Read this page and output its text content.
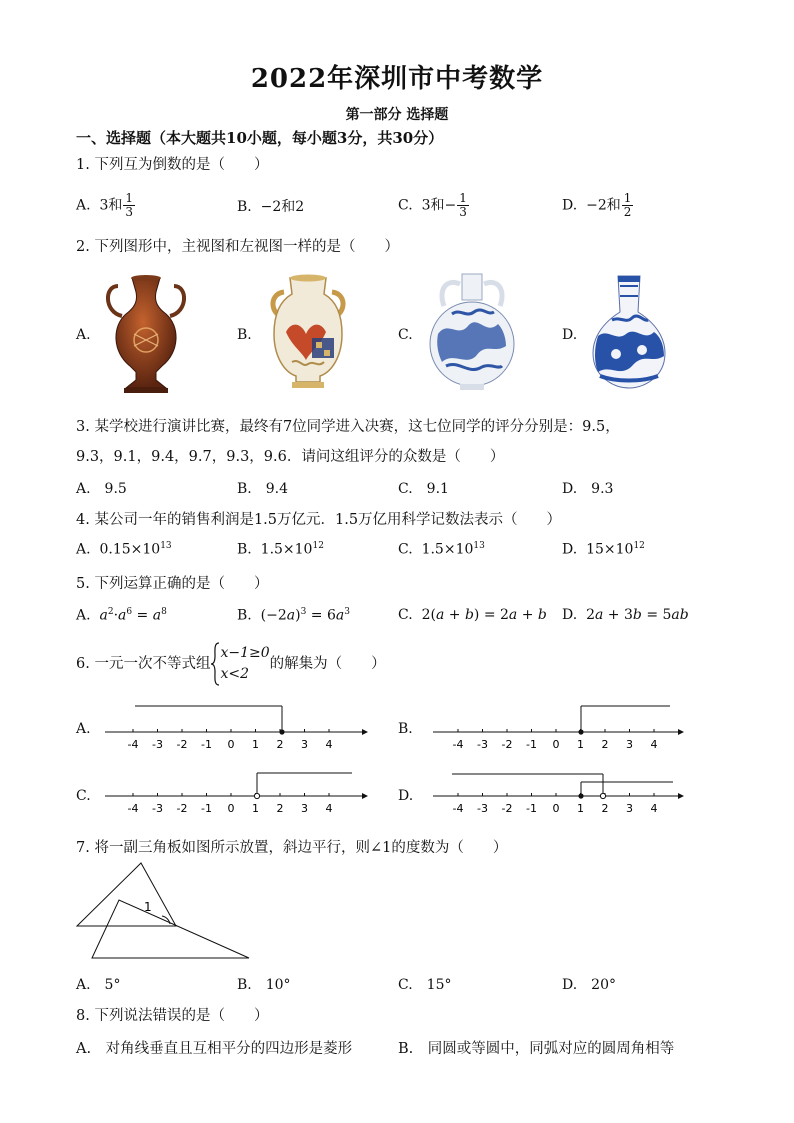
2022年深圳市中考数学
第一部分 选择题
一、选择题（本大题共10小题，每小题3分，共30分）
1. 下列互为倒数的是（　　）
A. 3和 $\frac{1}{3}$	B. −2和2	C. 3和− $\frac{1}{3}$	D. −2和 $\frac{1}{2}$
2. 下列图形中，主视图和左视图一样的是（　　）
A.	B.	C.	D.
3. 某学校进行演讲比赛，最终有7位同学进入决赛，这七位同学的评分分别是：9.5，
9.3，9.1，9.4，9.7，9.3，9.6．请问这组评分的众数是（　　）
A.　9.5	B.　9.4	C.　9.1	D.　9.3
4. 某公司一年的销售利润是1.5万亿元．1.5万亿用科学记数法表示（　　）
A. $0.15\times 10^{13}$	B. $1.5\times 10^{12}$	C. $1.5\times 10^{13}$	D. $15\times 10^{12}$
5. 下列运算正确的是（　　）
A. $a^2\cdot a^6 = a^8$	B.  $(-2a)^3 = 6a^3$	C.  2(a + b) = 2a + b D.  2a + 3b = 5ab
6. 一元一次不等式组
x−1≥0
x<2
的解集为（　　）
A.	B.
C.	D.
-4 -3 -2 -1 0 1 2 3 4	-4 -3 -2 -1 0 1 2 3 4
-4 -3 -2 -1 0 1 2 3 4	-4 -3 -2 -1 0 1 2 3 4
7. 将一副三角板如图所示放置，斜边平行，则∠1的度数为（　　）
1
A.　5°	B.　10°	C.　15°	D.　20°
8. 下列说法错误的是（　　）
A.　对角线垂直且互相平分的四边形是菱形	B.　同圆或等圆中，同弧对应的圆周角相等
